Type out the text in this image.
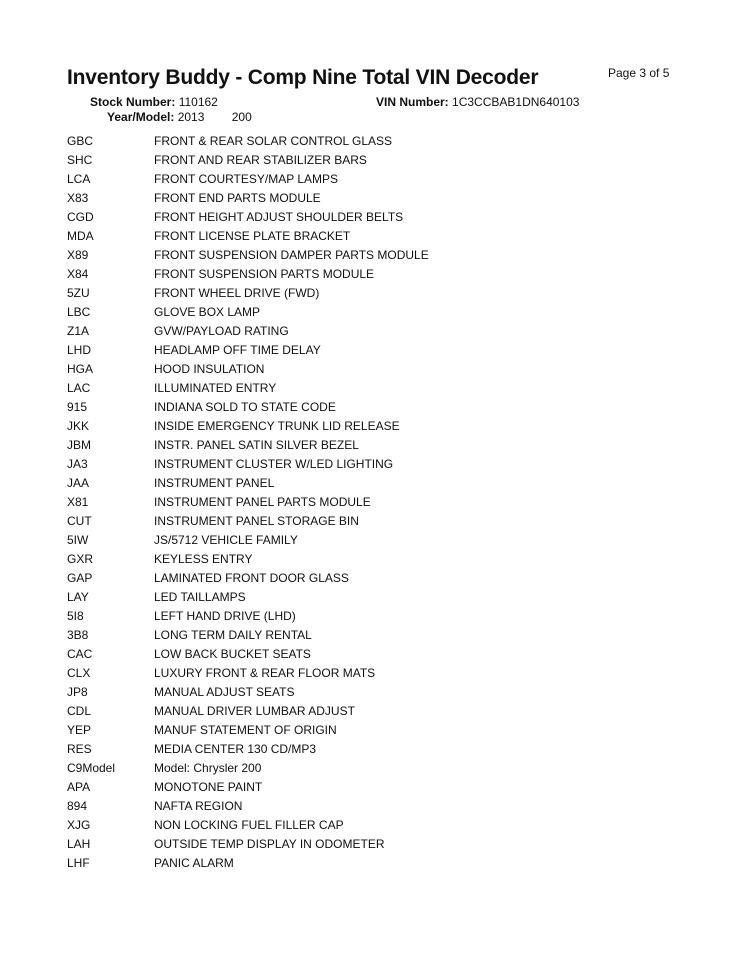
Inventory Buddy - Comp Nine Total VIN Decoder	Page 3 of 5
Stock Number: 110162	VIN Number: 1C3CCBAB1DN640103
Year/Model: 2013 200
GBC	FRONT & REAR SOLAR CONTROL GLASS
SHC	FRONT AND REAR STABILIZER BARS
LCA	FRONT COURTESY/MAP LAMPS
X83	FRONT END PARTS MODULE
CGD	FRONT HEIGHT ADJUST SHOULDER BELTS
MDA	FRONT LICENSE PLATE BRACKET
X89	FRONT SUSPENSION DAMPER PARTS MODULE
X84	FRONT SUSPENSION PARTS MODULE
5ZU	FRONT WHEEL DRIVE (FWD)
LBC	GLOVE BOX LAMP
Z1A	GVW/PAYLOAD RATING
LHD	HEADLAMP OFF TIME DELAY
HGA	HOOD INSULATION
LAC	ILLUMINATED ENTRY
915	INDIANA SOLD TO STATE CODE
JKK	INSIDE EMERGENCY TRUNK LID RELEASE
JBM	INSTR. PANEL SATIN SILVER BEZEL
JA3	INSTRUMENT CLUSTER W/LED LIGHTING
JAA	INSTRUMENT PANEL
X81	INSTRUMENT PANEL PARTS MODULE
CUT	INSTRUMENT PANEL STORAGE BIN
5IW	JS/5712 VEHICLE FAMILY
GXR	KEYLESS ENTRY
GAP	LAMINATED FRONT DOOR GLASS
LAY	LED TAILLAMPS
5I8	LEFT HAND DRIVE (LHD)
3B8	LONG TERM DAILY RENTAL
CAC	LOW BACK BUCKET SEATS
CLX	LUXURY FRONT & REAR FLOOR MATS
JP8	MANUAL ADJUST SEATS
CDL	MANUAL DRIVER LUMBAR ADJUST
YEP	MANUF STATEMENT OF ORIGIN
RES	MEDIA CENTER 130 CD/MP3
C9Model	Model: Chrysler 200
APA	MONOTONE PAINT
894	NAFTA REGION
XJG	NON LOCKING FUEL FILLER CAP
LAH	OUTSIDE TEMP DISPLAY IN ODOMETER
LHF	PANIC ALARM
